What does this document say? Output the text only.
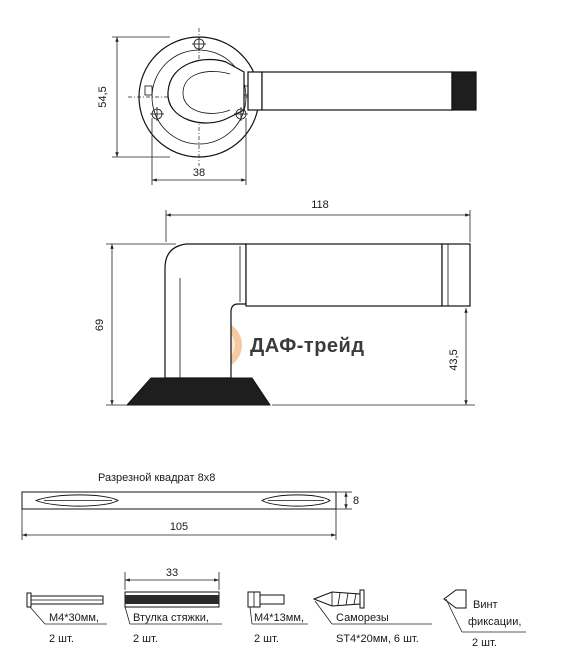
54,5
38
ДАФ-трейд
118
69
43,5
Разрезной квадрат 8х8
8
105
33
М4*30мм,
2 шт.
Втулка стяжки,
2 шт.
М4*13мм,
2 шт.
Саморезы
ST4*20мм, 6 шт.
Винт
фиксации,
2 шт.
